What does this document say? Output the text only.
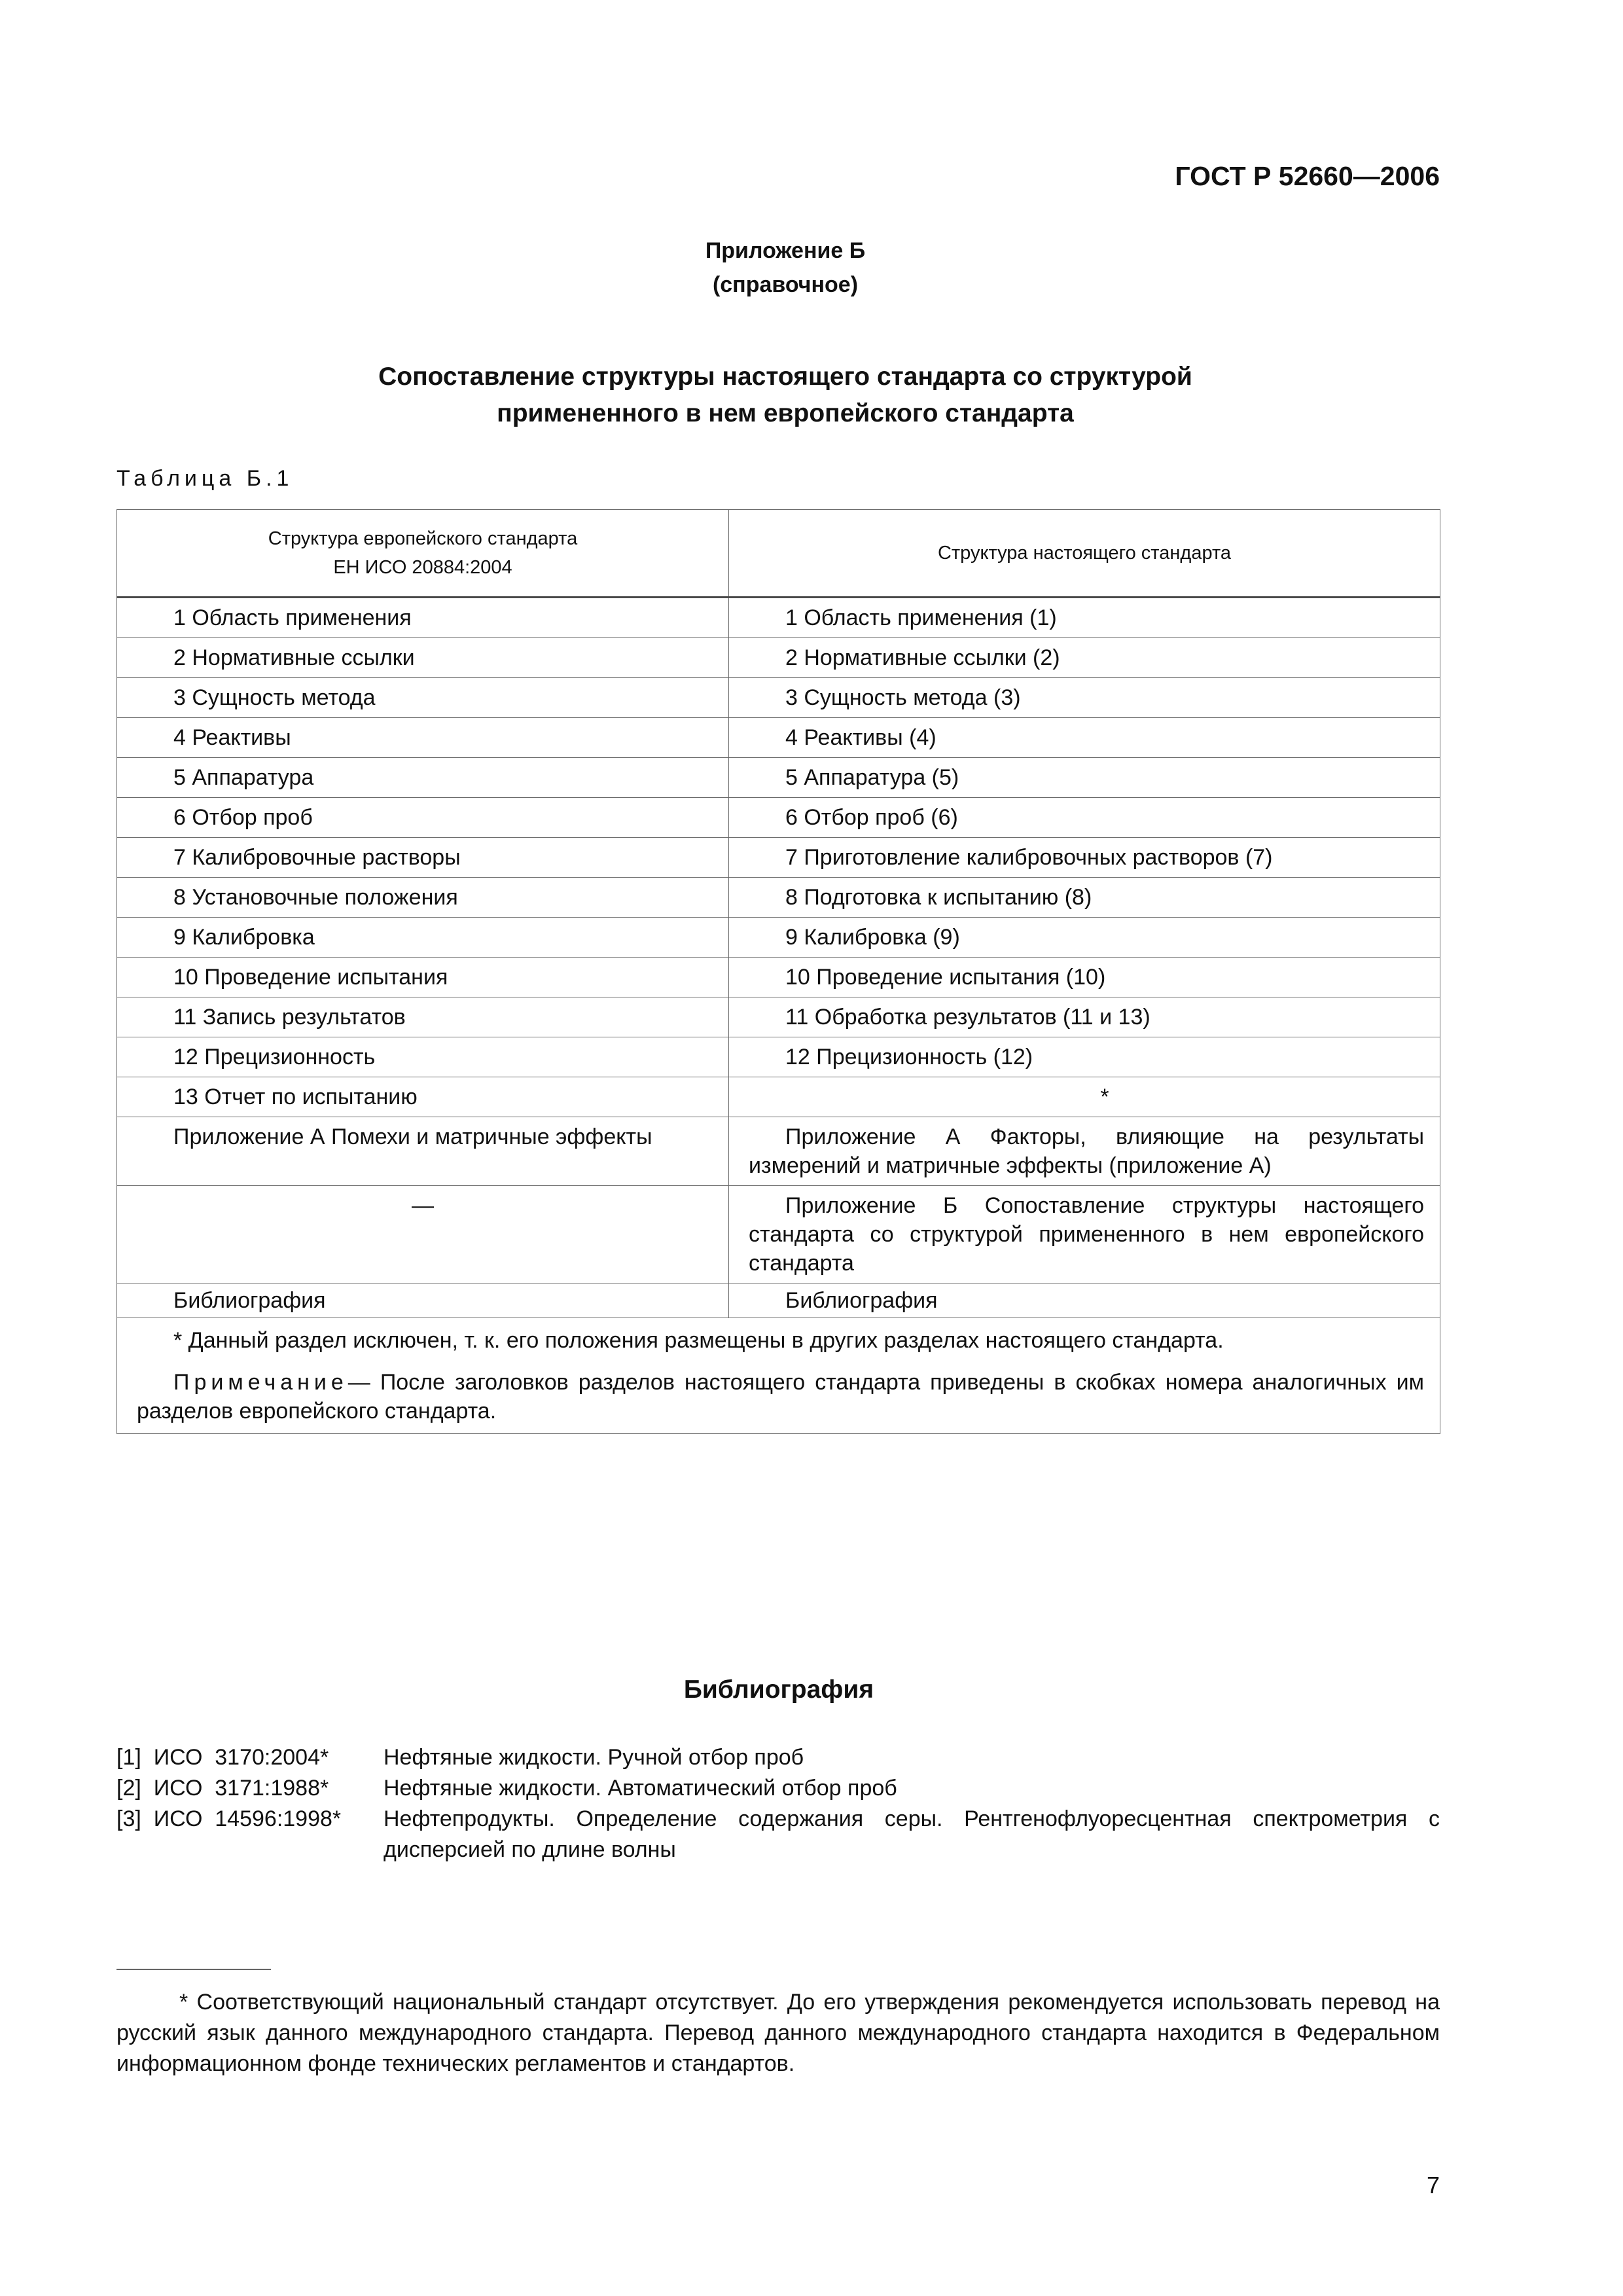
ГОСТ Р 52660—2006
Приложение Б
(справочное)
Сопоставление структуры настоящего стандарта со структурой
примененного в нем европейского стандарта
Таблица Б.1
Структура европейского стандарта
ЕН ИСО 20884:2004	Структура настоящего стандарта
1 Область применения	1 Область применения (1)
2 Нормативные ссылки	2 Нормативные ссылки (2)
3 Сущность метода	3 Сущность метода (3)
4 Реактивы	4 Реактивы (4)
5 Аппаратура	5 Аппаратура (5)
6 Отбор проб	6 Отбор проб (6)
7 Калибровочные растворы	7 Приготовление калибровочных растворов (7)
8 Установочные положения	8 Подготовка к испытанию (8)
9 Калибровка	9 Калибровка (9)
10 Проведение испытания	10 Проведение испытания (10)
11 Запись результатов	11 Обработка результатов (11 и 13)
12 Прецизионность	12 Прецизионность (12)
13 Отчет по испытанию	*
Приложение А Помехи и матричные эффекты	Приложение А Факторы, влияющие на результаты измерений и матричные эффекты (приложение А)
—	Приложение Б Сопоставление структуры настоящего стандарта со структурой примененного в нем европейского стандарта
Библиография	Библиография

* Данный раздел исключен, т. к. его положения размещены в других разделах настоящего стандарта.
Примечание— После заголовков разделов настоящего стандарта приведены в скобках номера аналогичных им разделов европейского стандарта.	
Библиография
[1]  ИСО  3170:2004*	Нефтяные жидкости. Ручной отбор проб
[2]  ИСО  3171:1988*	Нефтяные жидкости. Автоматический отбор проб
[3]  ИСО  14596:1998*	Нефтепродукты. Определение содержания серы. Рентгенофлуоресцентная спектрометрия с дисперсией по длине волны
* Соответствующий национальный стандарт отсутствует. До его утверждения рекомендуется использовать перевод на русский язык данного международного стандарта. Перевод данного международного стандарта находится в Федеральном информационном фонде технических регламентов и стандартов.
7
